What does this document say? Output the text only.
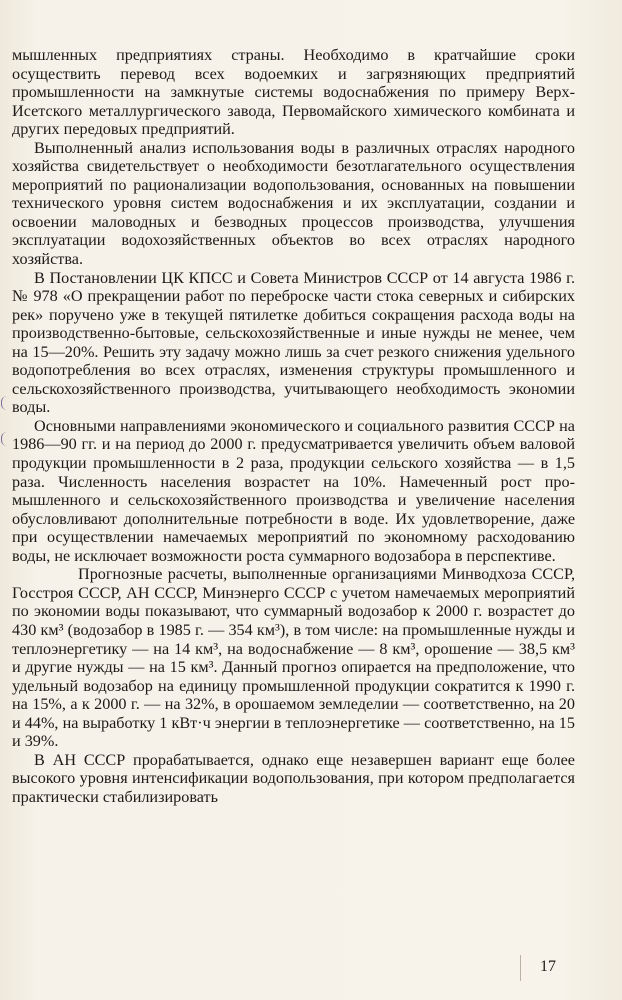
мышленных предприятиях страны. Необходимо в кратчайшие сроки осуществить перевод всех водоемких и загрязняющих предприятий промышленности на замкнутые системы водоснабжения по примеру Верх-Исетского металлургического завода, Первомайского химического комбината и других передовых предприятий.

Выполненный анализ использования воды в различных отраслях народного хозяйства свидетельствует о необходимости безотлагательного осуществления мероприятий по рационализации водопользования, основанных на повышении технического уровня систем водоснабжения и их эксплуатации, создании и освоении маловодных и безводных процессов производства, улучшения эксплуатации водохозяйственных объектов во всех отраслях народного хозяйства.

В Постановлении ЦК КПСС и Совета Министров СССР от 14 августа 1986 г. № 978 «О прекращении работ по переброске части стока северных и сибирских рек» поручено уже в текущей пятилетке добиться сокращения расхода воды на производственно-бытовые, сельскохозяйственные и иные нужды не менее, чем на 15—20%. Решить эту задачу можно лишь за счет резкого снижения удельного водопотребления во всех отраслях, изменения структуры промышленного и сельскохозяйственного производства, учитывающего необходимость экономии воды.

Основными направлениями экономического и социального развития СССР на 1986—90 гг. и на период до 2000 г. предусматривается увеличить объем валовой продукции промышленности в 2 раза, продукции сельского хозяйства — в 1,5 раза. Численность населения возрастет на 10%. Намеченный рост промышленного и сельскохозяйственного производства и увеличение населения обусловливают дополнительные потребности в воде. Их удовлетворение, даже при осуществлении намечаемых мероприятий по экономному расходованию воды, не исключает возможности роста суммарного водозабора в перспективе.

Прогнозные расчеты, выполненные организациями Минводхоза СССР, Госстроя СССР, АН СССР, Минэнерго СССР с учетом намечаемых мероприятий по экономии воды показывают, что суммарный водозабор к 2000 г. возрастет до 430 км³ (водозабор в 1985 г. — 354 км³), в том числе: на промышленные нужды и теплоэнергетику — на 14 км³, на водоснабжение — 8 км³, орошение — 38,5 км³ и другие нужды — на 15 км³. Данный прогноз опирается на предположение, что удельный водозабор на единицу промышленной продукции сократится к 1990 г. на 15%, а к 2000 г. — на 32%, в орошаемом земледелии — соответственно, на 20 и 44%, на выработку 1 кВт·ч энергии в теплоэнергетике — соответственно, на 15 и 39%.

В АН СССР прорабатывается, однако еще незавершен вариант еще более высокого уровня интенсификации водопользования, при котором предполагается практически стабилизировать

17
